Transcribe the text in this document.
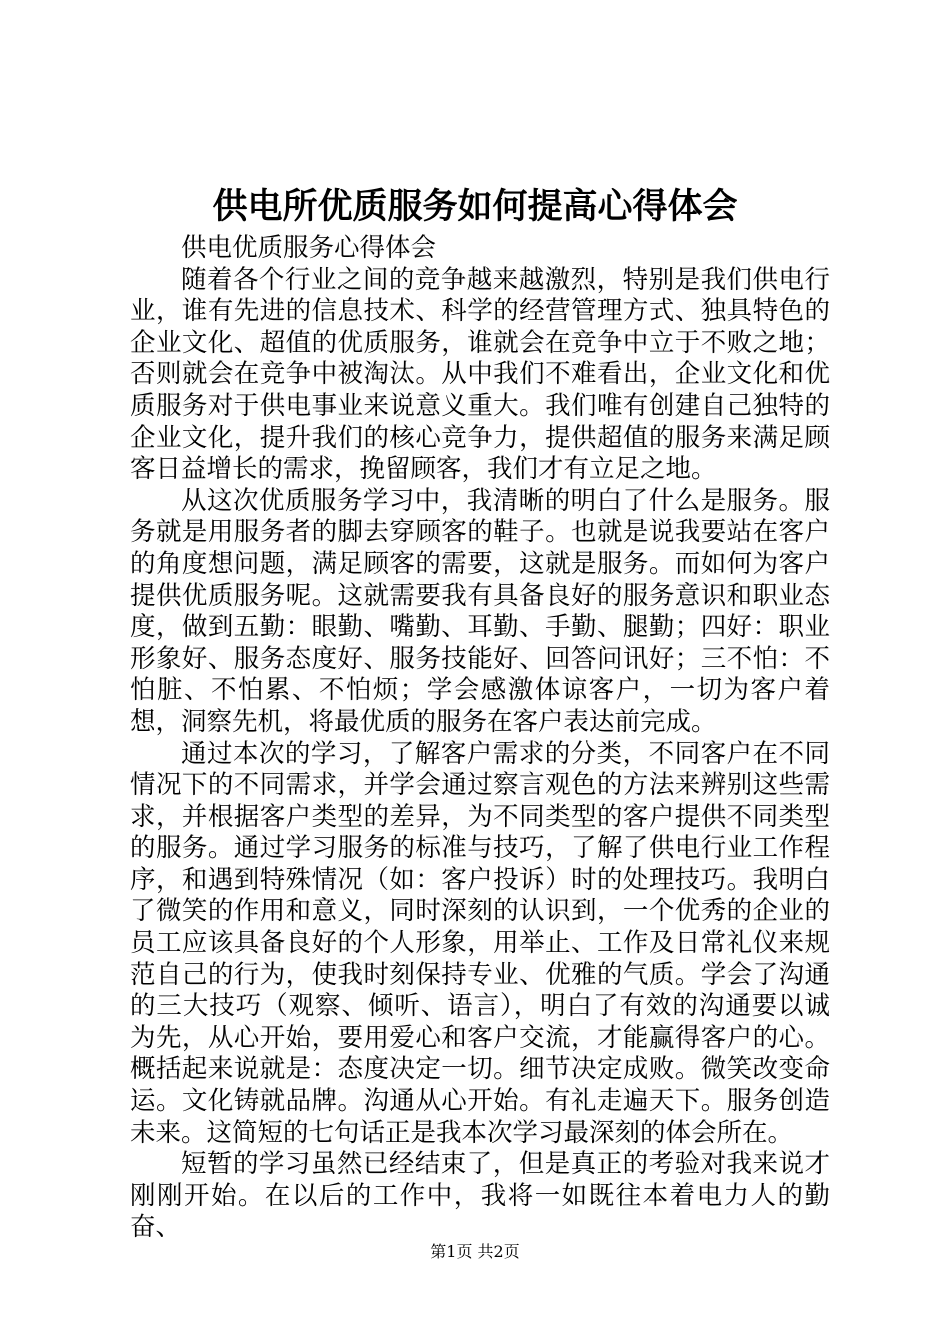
供电所优质服务如何提高心得体会

供电优质服务心得体会

随着各个行业之间的竞争越来越激烈，特别是我们供电行业，谁有先进的信息技术、科学的经营管理方式、独具特色的企业文化、超值的优质服务，谁就会在竞争中立于不败之地；否则就会在竞争中被淘汰。从中我们不难看出，企业文化和优质服务对于供电事业来说意义重大。我们唯有创建自己独特的企业文化，提升我们的核心竞争力，提供超值的服务来满足顾客日益增长的需求，挽留顾客，我们才有立足之地。

从这次优质服务学习中，我清晰的明白了什么是服务。服务就是用服务者的脚去穿顾客的鞋子。也就是说我要站在客户的角度想问题，满足顾客的需要，这就是服务。而如何为客户提供优质服务呢。这就需要我有具备良好的服务意识和职业态度，做到五勤：眼勤、嘴勤、耳勤、手勤、腿勤；四好：职业形象好、服务态度好、服务技能好、回答问讯好；三不怕：不怕脏、不怕累、不怕烦；学会感激体谅客户，一切为客户着想，洞察先机，将最优质的服务在客户表达前完成。

通过本次的学习，了解客户需求的分类，不同客户在不同情况下的不同需求，并学会通过察言观色的方法来辨别这些需求，并根据客户类型的差异，为不同类型的客户提供不同类型的服务。通过学习服务的标准与技巧，了解了供电行业工作程序，和遇到特殊情况（如：客户投诉）时的处理技巧。我明白了微笑的作用和意义，同时深刻的认识到，一个优秀的企业的员工应该具备良好的个人形象，用举止、工作及日常礼仪来规范自己的行为，使我时刻保持专业、优雅的气质。学会了沟通的三大技巧（观察、倾听、语言），明白了有效的沟通要以诚为先，从心开始，要用爱心和客户交流，才能赢得客户的心。概括起来说就是：态度决定一切。细节决定成败。微笑改变命运。文化铸就品牌。沟通从心开始。有礼走遍天下。服务创造未来。这简短的七句话正是我本次学习最深刻的体会所在。

短暂的学习虽然已经结束了，但是真正的考验对我来说才刚刚开始。在以后的工作中，我将一如既往本着电力人的勤奋、

第1页 共2页
